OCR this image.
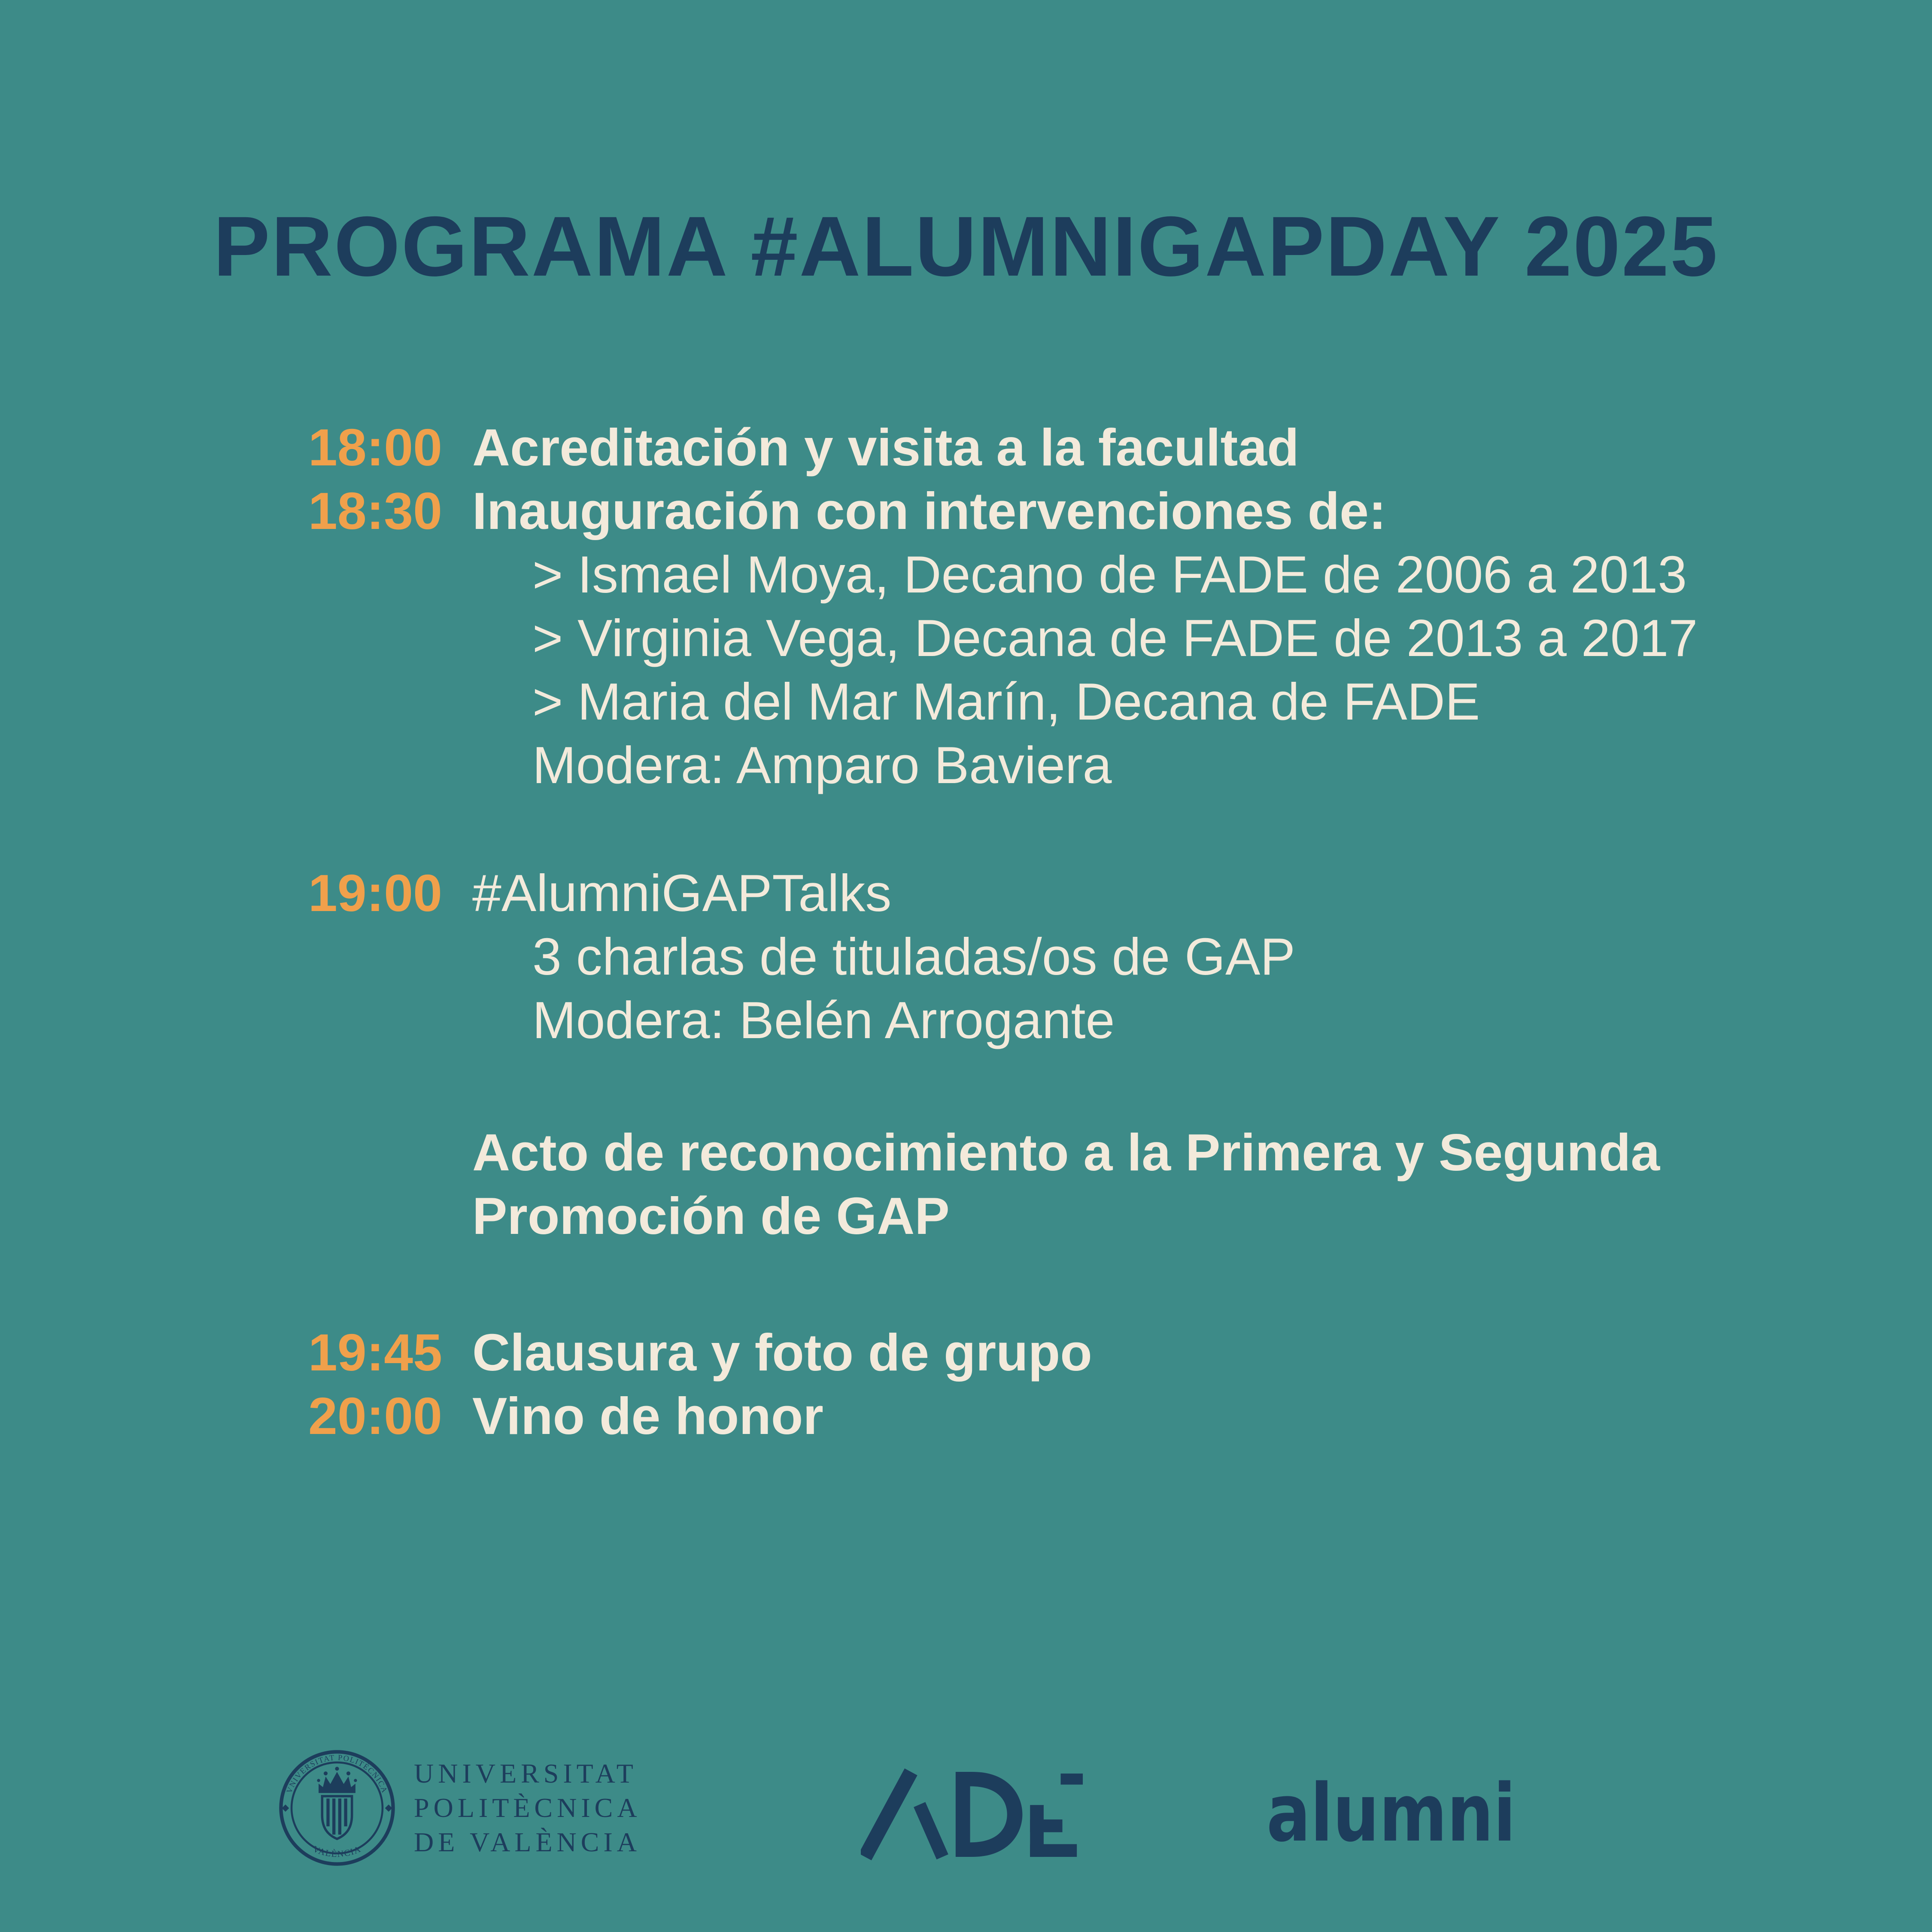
PROGRAMA #ALUMNIGAPDAY 2025
18:00 Acreditación y visita a la facultad
18:30 Inauguración con intervenciones de:
> Ismael Moya, Decano de FADE de 2006 a 2013
> Virginia Vega, Decana de FADE de 2013 a 2017
> Maria del Mar Marín, Decana de FADE
Modera: Amparo Baviera
19:00 #AlumniGAPTalks
3 charlas de tituladas/os de GAP
Modera: Belén Arrogante
Acto de reconocimiento a la Primera y Segunda
Promoción de GAP
19:45 Clausura y foto de grupo
20:00 Vino de honor
VNIVERSITAT POLITÈCNICA
VALÈNCIA
UNIVERSITAT
POLITÈCNICA
DE VALÈNCIA	alumni
